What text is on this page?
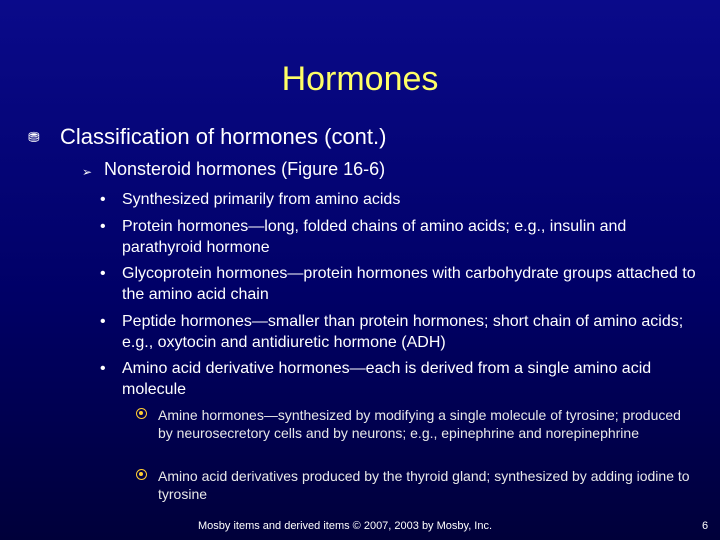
Hormones
⛃ Classification of hormones (cont.)
➢ Nonsteroid hormones (Figure 16-6)
• Synthesized primarily from amino acids
• Protein hormones—long, folded chains of amino acids; e.g., insulin and parathyroid hormone
• Glycoprotein hormones—protein hormones with carbohydrate groups attached to the amino acid chain
• Peptide hormones—smaller than protein hormones; short chain of amino acids; e.g., oxytocin and antidiuretic hormone (ADH)
• Amino acid derivative hormones—each is derived from a single amino acid molecule
Amine hormones—synthesized by modifying a single molecule of tyrosine; produced by neurosecretory cells and by neurons; e.g., epinephrine and norepinephrine
Amino acid derivatives produced by the thyroid gland; synthesized by adding iodine to tyrosine
Mosby items and derived items © 2007, 2003 by Mosby, Inc.	6
